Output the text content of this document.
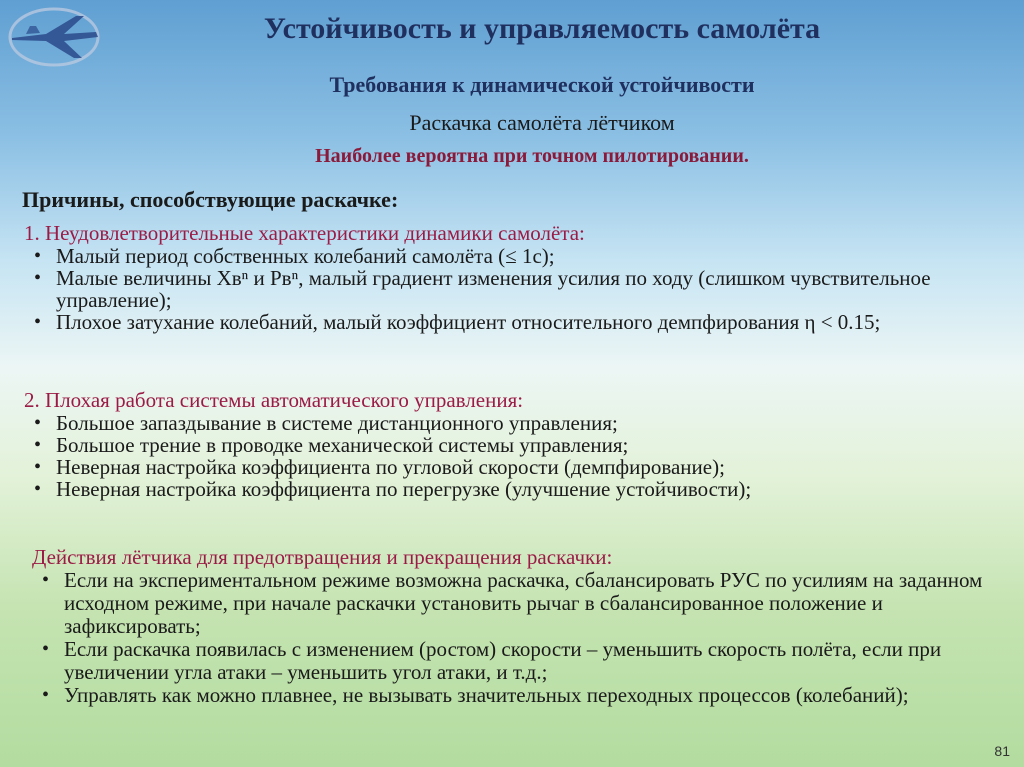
Устойчивость и управляемость самолёта
Требования к динамической устойчивости
Раскачка самолёта лётчиком
Наиболее вероятна при точном пилотировании.
Причины, способствующие раскачке:
1. Неудовлетворительные характеристики динамики самолёта:
• Малый период собственных колебаний самолёта (≤ 1с);
• Малые величины Xвⁿ и Pвⁿ, малый градиент изменения усилия по ходу (слишком чувствительное управление);
• Плохое затухание колебаний, малый коэффициент относительного демпфирования η < 0.15;
2. Плохая работа системы автоматического управления:
• Большое запаздывание в системе дистанционного управления;
• Большое трение в проводке механической системы управления;
• Неверная настройка коэффициента по угловой скорости (демпфирование);
• Неверная настройка коэффициента по перегрузке (улучшение устойчивости);
Действия лётчика для предотвращения и прекращения раскачки:
• Если на экспериментальном режиме возможна раскачка, сбалансировать РУС по усилиям на заданном исходном режиме, при начале раскачки установить рычаг в сбалансированное положение и зафиксировать;
• Если раскачка появилась с изменением (ростом) скорости – уменьшить скорость полёта, если при увеличении угла атаки – уменьшить угол атаки, и т.д.;
• Управлять как можно плавнее, не вызывать значительных переходных процессов (колебаний);
81
